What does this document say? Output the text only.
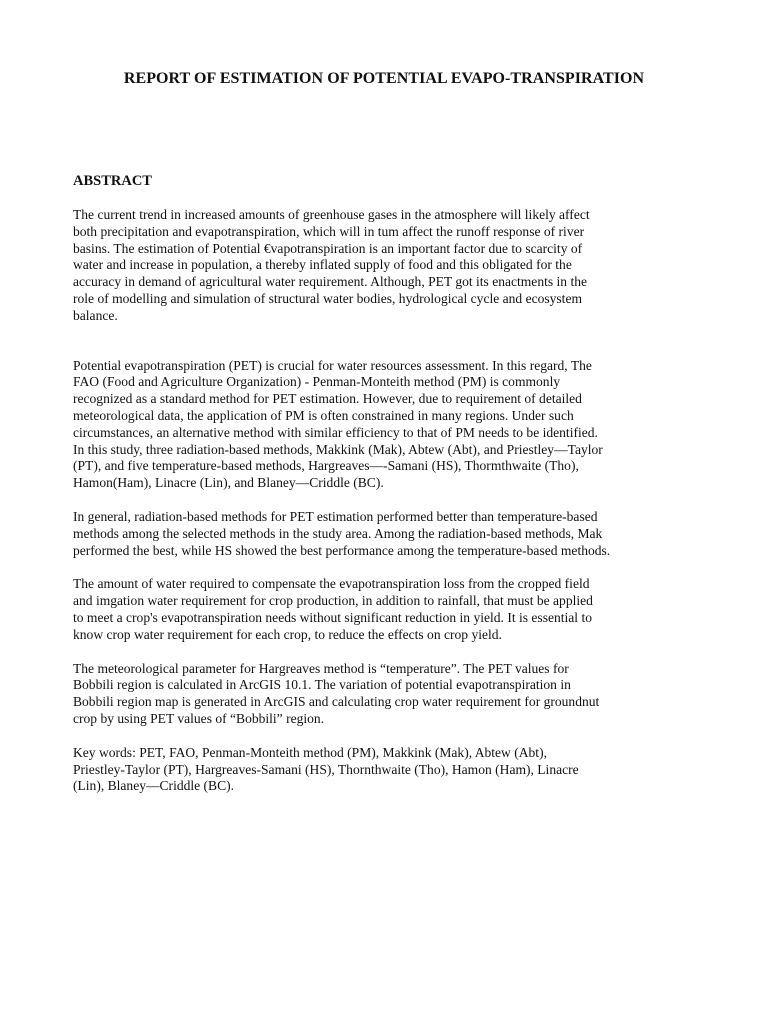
REPORT OF ESTIMATION OF POTENTIAL EVAPO-TRANSPIRATION
ABSTRACT
The current trend in increased amounts of greenhouse gases in the atmosphere will likely affect
both precipitation and evapotranspiration, which will in tum affect the runoff response of river
basins. The estimation of Potential €vapotranspiration is an important factor due to scarcity of
water and increase in population, a thereby inflated supply of food and this obligated for the
accuracy in demand of agricultural water requirement. Although, PET got its enactments in the
role of modelling and simulation of structural water bodies, hydrological cycle and ecosystem
balance.
Potential evapotranspiration (PET) is crucial for water resources assessment. In this regard, The
FAO (Food and Agriculture Organization) - Penman-Monteith method (PM) is commonly
recognized as a standard method for PET estimation. However, due to requirement of detailed
meteorological data, the application of PM is often constrained in many regions. Under such
circumstances, an alternative method with similar efficiency to that of PM needs to be identified.
In this study, three radiation-based methods, Makkink (Mak), Abtew (Abt), and Priestley—Taylor
(PT), and five temperature-based methods, Hargreaves—-Samani (HS), Thormthwaite (Tho),
Hamon(Ham), Linacre (Lin), and Blaney—Criddle (BC).
In general, radiation-based methods for PET estimation performed better than temperature-based
methods among the selected methods in the study area. Among the radiation-based methods, Mak
performed the best, while HS showed the best performance among the temperature-based methods.
The amount of water required to compensate the evapotranspiration loss from the cropped field
and imgation water requirement for crop production, in addition to rainfall, that must be applied
to meet a crop's evapotranspiration needs without significant reduction in yield. It is essential to
know crop water requirement for each crop, to reduce the effects on crop yield.
The meteorological parameter for Hargreaves method is “temperature”. The PET values for
Bobbili region is calculated in ArcGIS 10.1. The variation of potential evapotranspiration in
Bobbili region map is generated in ArcGIS and calculating crop water requirement for groundnut
crop by using PET values of “Bobbili” region.
Key words: PET, FAO, Penman-Monteith method (PM), Makkink (Mak), Abtew (Abt),
Priestley-Taylor (PT), Hargreaves-Samani (HS), Thornthwaite (Tho), Hamon (Ham), Linacre
(Lin), Blaney—Criddle (BC).
